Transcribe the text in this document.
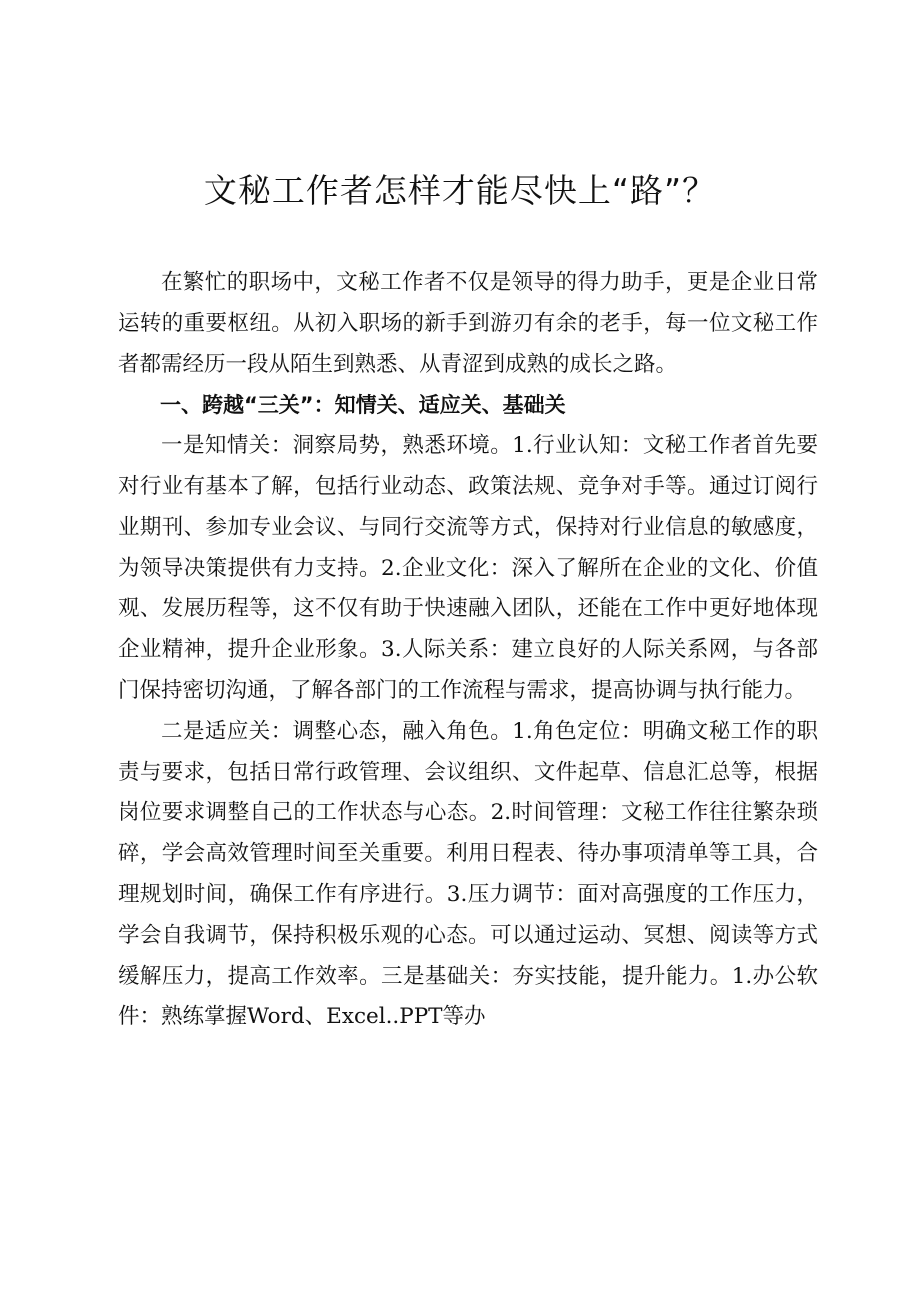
文秘工作者怎样才能尽快上“路”？

在繁忙的职场中，文秘工作者不仅是领导的得力助手，更是企业日常运转的重要枢纽。从初入职场的新手到游刃有余的老手，每一位文秘工作者都需经历一段从陌生到熟悉、从青涩到成熟的成长之路。

一、跨越“三关”：知情关、适应关、基础关

一是知情关：洞察局势，熟悉环境。1.行业认知：文秘工作者首先要对行业有基本了解，包括行业动态、政策法规、竞争对手等。通过订阅行业期刊、参加专业会议、与同行交流等方式，保持对行业信息的敏感度，为领导决策提供有力支持。2.企业文化：深入了解所在企业的文化、价值观、发展历程等，这不仅有助于快速融入团队，还能在工作中更好地体现企业精神，提升企业形象。3.人际关系：建立良好的人际关系网，与各部门保持密切沟通，了解各部门的工作流程与需求，提高协调与执行能力。

二是适应关：调整心态，融入角色。1.角色定位：明确文秘工作的职责与要求，包括日常行政管理、会议组织、文件起草、信息汇总等，根据岗位要求调整自己的工作状态与心态。2.时间管理：文秘工作往往繁杂琐碎，学会高效管理时间至关重要。利用日程表、待办事项清单等工具，合理规划时间，确保工作有序进行。3.压力调节：面对高强度的工作压力，学会自我调节，保持积极乐观的心态。可以通过运动、冥想、阅读等方式缓解压力，提高工作效率。三是基础关：夯实技能，提升能力。1.办公软件：熟练掌握Word、Excel..PPT等办
